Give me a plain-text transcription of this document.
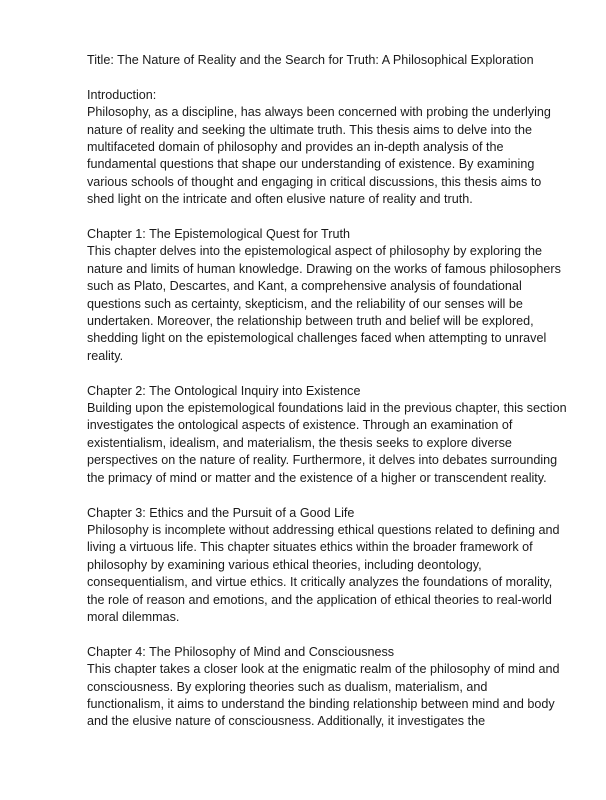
Title: The Nature of Reality and the Search for Truth: A Philosophical Exploration

Introduction:

Philosophy, as a discipline, has always been concerned with probing the underlying nature of reality and seeking the ultimate truth. This thesis aims to delve into the multifaceted domain of philosophy and provides an in-depth analysis of the fundamental questions that shape our understanding of existence. By examining various schools of thought and engaging in critical discussions, this thesis aims to shed light on the intricate and often elusive nature of reality and truth.

Chapter 1: The Epistemological Quest for Truth

This chapter delves into the epistemological aspect of philosophy by exploring the nature and limits of human knowledge. Drawing on the works of famous philosophers such as Plato, Descartes, and Kant, a comprehensive analysis of foundational questions such as certainty, skepticism, and the reliability of our senses will be undertaken. Moreover, the relationship between truth and belief will be explored, shedding light on the epistemological challenges faced when attempting to unravel reality.

Chapter 2: The Ontological Inquiry into Existence

Building upon the epistemological foundations laid in the previous chapter, this section investigates the ontological aspects of existence. Through an examination of existentialism, idealism, and materialism, the thesis seeks to explore diverse perspectives on the nature of reality. Furthermore, it delves into debates surrounding the primacy of mind or matter and the existence of a higher or transcendent reality.

Chapter 3: Ethics and the Pursuit of a Good Life

Philosophy is incomplete without addressing ethical questions related to defining and living a virtuous life. This chapter situates ethics within the broader framework of philosophy by examining various ethical theories, including deontology, consequentialism, and virtue ethics. It critically analyzes the foundations of morality, the role of reason and emotions, and the application of ethical theories to real-world moral dilemmas.

Chapter 4: The Philosophy of Mind and Consciousness

This chapter takes a closer look at the enigmatic realm of the philosophy of mind and consciousness. By exploring theories such as dualism, materialism, and functionalism, it aims to understand the binding relationship between mind and body and the elusive nature of consciousness. Additionally, it investigates the
